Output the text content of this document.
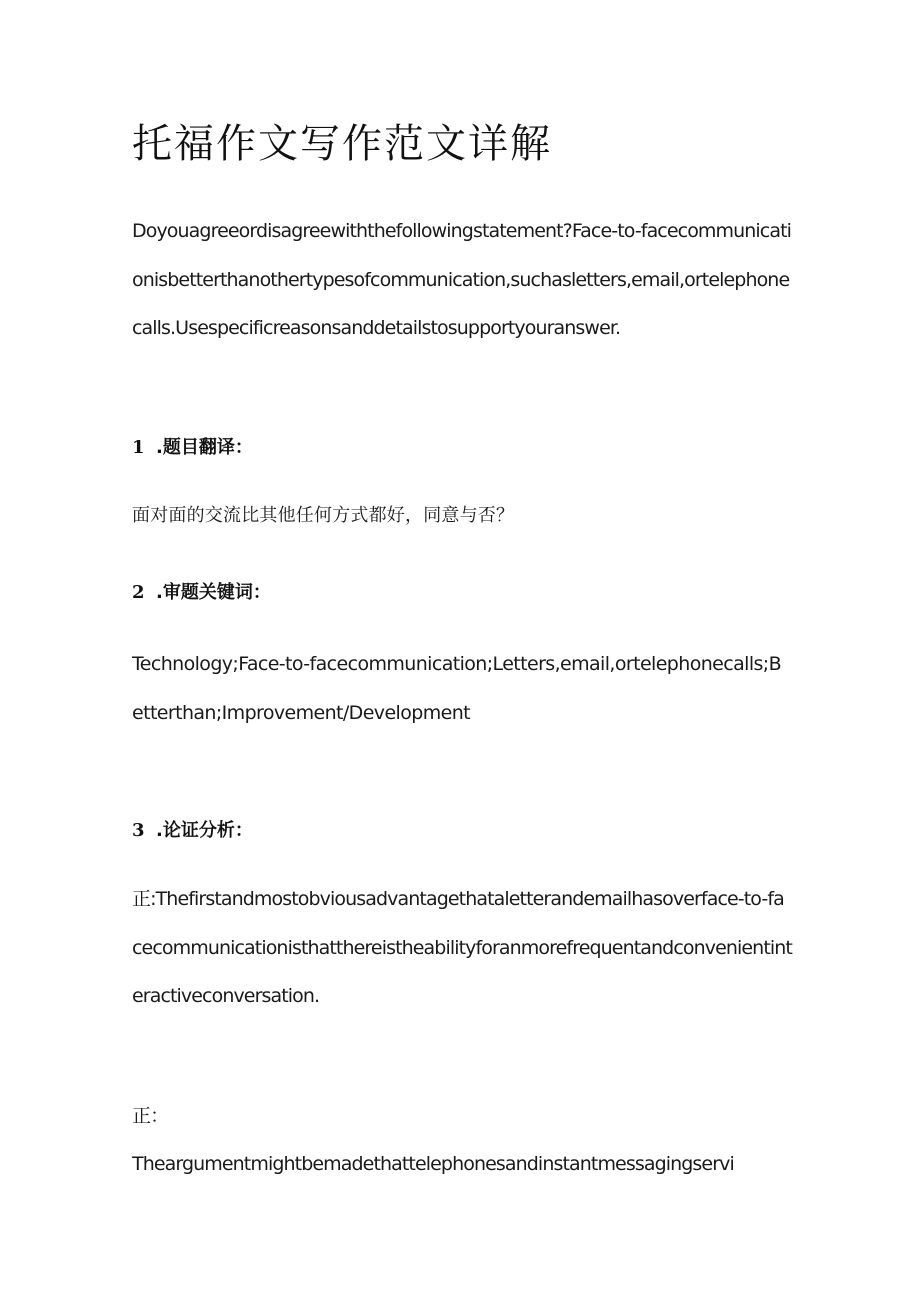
托福作文写作范文详解

Doyouagreeordisagreewiththefollowingstatement?Face-to-facecommunicationisbetterthanothertypesofcommunication,suchasletters,email,ortelephonecalls.Usespecificreasonsanddetailstosupportyouranswer.

1 .题目翻译：

面对面的交流比其他任何方式都好，同意与否？

2 .审题关键词：

Technology;Face-to-facecommunication;Letters,email,ortelephonecalls;Betterthan;Improvement/Development

3 .论证分析：

正:Thefirstandmostobviousadvantagethataletterandemailhasoverface-to-facecommunicationisthatthereistheabilityforanmorefrequentandconvenientinteractiveconversation.

正：

Theargumentmightbemadethattelephonesandinstantmessagingservi
